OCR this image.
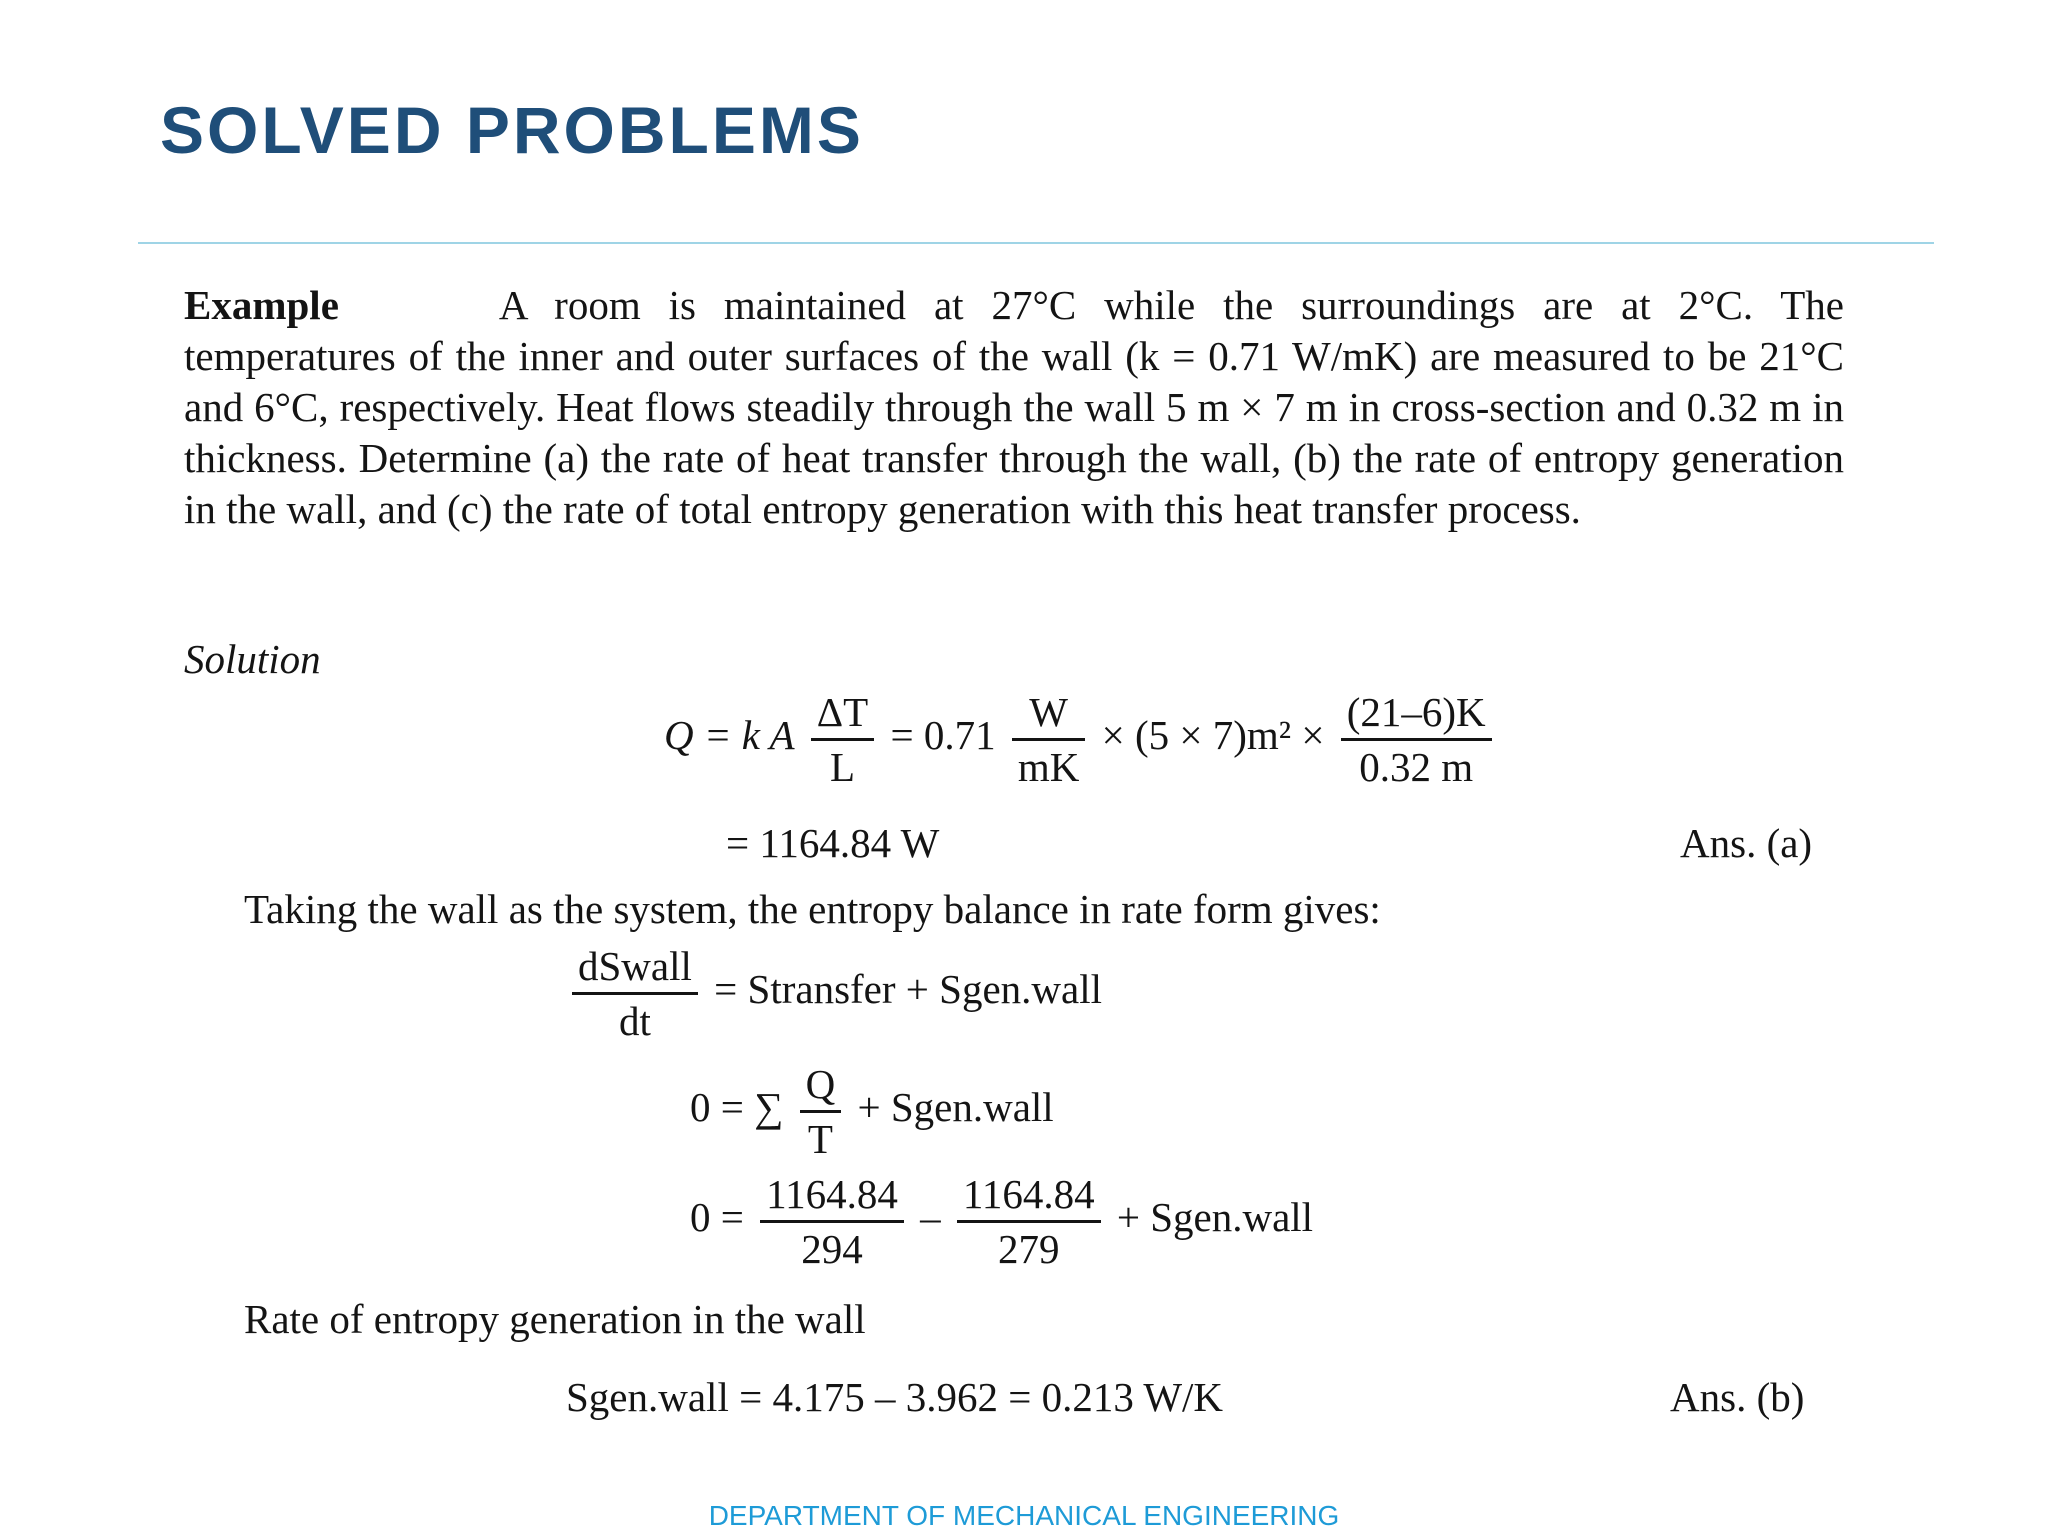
SOLVED PROBLEMS

Example	A room is maintained at 27°C while the surroundings are at 2°C. The temperatures of the inner and outer surfaces of the wall (k = 0.71 W/mK) are measured to be 21°C and 6°C, respectively. Heat flows steadily through the wall 5 m × 7 m in cross-section and 0.32 m in thickness. Determine (a) the rate of heat transfer through the wall, (b) the rate of entropy generation in the wall, and (c) the rate of total entropy generation with this heat transfer process.

Solution
Q = k A $\frac{\Delta T}{L} = 0.71 \frac{W}{mK} \times (5 \times 7)m^2 \times \frac{(21-6)K}{0.32 m}$
= 1164.84 W	Ans. (a)
Taking the wall as the system, the entropy balance in rate form gives:
$\frac{\text{dSwall}}{dt}$ = Stransfer + Sgen.wall
0 = ∑ $\frac{Q}{T}$ + Sgen.wall
$0 = \frac{1164.84}{294} - \frac{1164.84}{279}$ + Sgen.wall
Rate of entropy generation in the wall
Sgen.wall = 4.175 – 3.962 = 0.213 W/K	Ans. (b)
DEPARTMENT OF MECHANICAL ENGINEERING
